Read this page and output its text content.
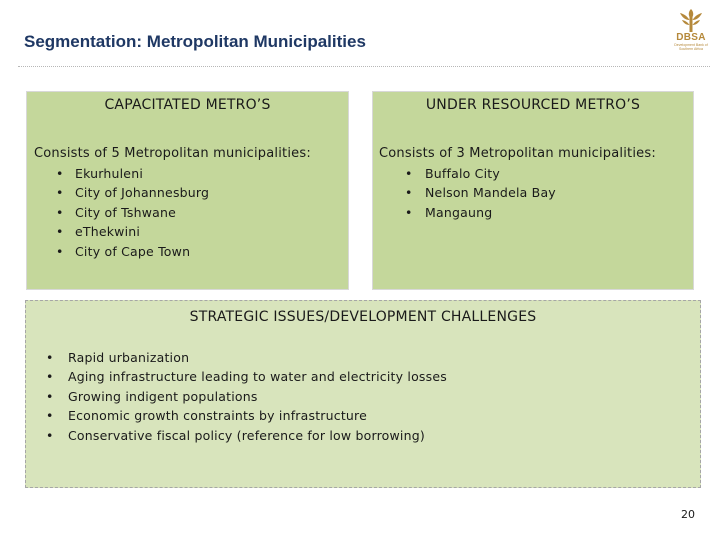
Segmentation: Metropolitan Municipalities	DBSA
Development Bank of Southern Africa
CAPACITATED METRO’S
Consists of 5 Metropolitan municipalities:
• Ekurhuleni
• City of Johannesburg
• City of Tshwane
• eThekwini
• City of Cape Town
UNDER RESOURCED METRO’S
Consists of 3 Metropolitan municipalities:
• Buffalo City
• Nelson Mandela Bay
• Mangaung
STRATEGIC ISSUES/DEVELOPMENT CHALLENGES
• Rapid urbanization
• Aging infrastructure leading to water and electricity losses
• Growing indigent populations
• Economic growth constraints by infrastructure
• Conservative fiscal policy (reference for low borrowing)
20
